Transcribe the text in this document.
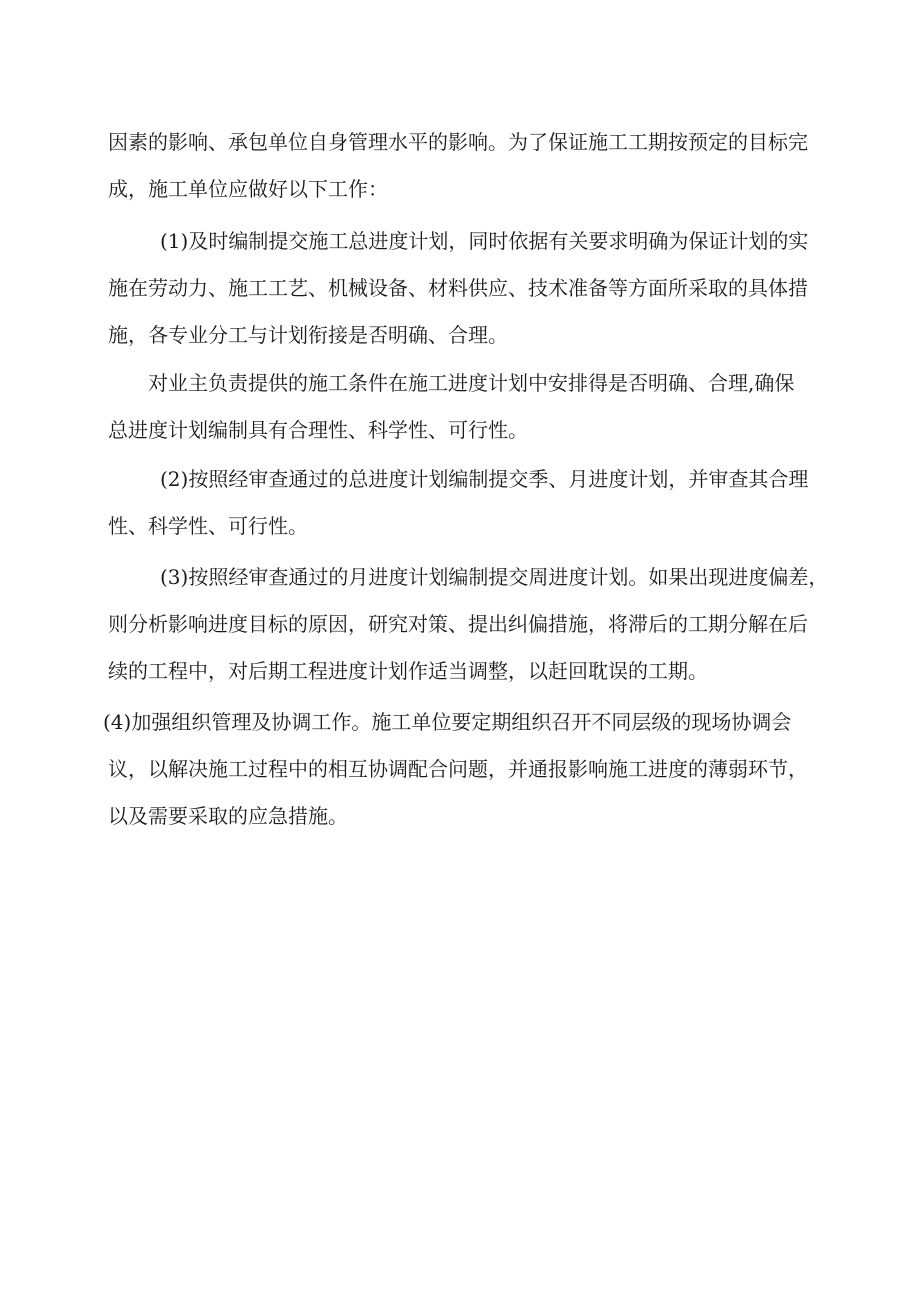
因素的影响、承包单位自身管理水平的影响。为了保证施工工期按预定的目标完
成，施工单位应做好以下工作：
(1)及时编制提交施工总进度计划，同时依据有关要求明确为保证计划的实
施在劳动力、施工工艺、机械设备、材料供应、技术准备等方面所采取的具体措
施，各专业分工与计划衔接是否明确、合理。
对业主负责提供的施工条件在施工进度计划中安排得是否明确、合理,确保
总进度计划编制具有合理性、科学性、可行性。
(2)按照经审查通过的总进度计划编制提交季、月进度计划，并审查其合理
性、科学性、可行性。
(3)按照经审查通过的月进度计划编制提交周进度计划。如果出现进度偏差，
则分析影响进度目标的原因，研究对策、提出纠偏措施，将滞后的工期分解在后
续的工程中，对后期工程进度计划作适当调整，以赶回耽误的工期。
(4)加强组织管理及协调工作。施工单位要定期组织召开不同层级的现场协调会
议，以解决施工过程中的相互协调配合问题，并通报影响施工进度的薄弱环节，
以及需要采取的应急措施。
